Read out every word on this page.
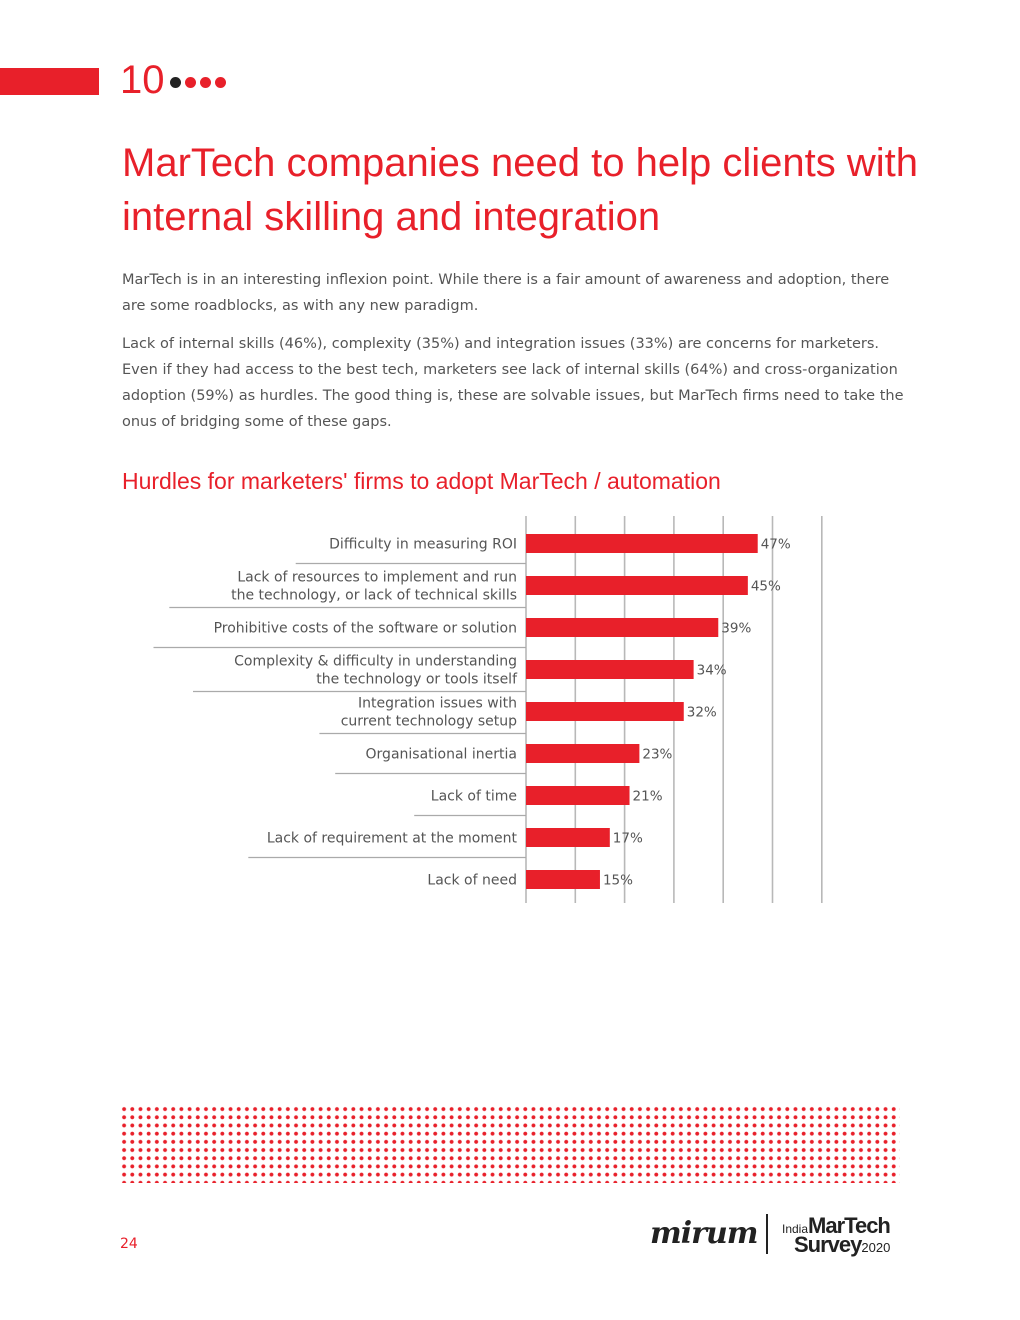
10
MarTech companies need to help clients with internal skilling and integration

MarTech is in an interesting inflexion point. While there is a fair amount of awareness and adoption, there are some roadblocks, as with any new paradigm.

Lack of internal skills (46%), complexity (35%) and integration issues (33%) are concerns for marketers. Even if they had access to the best tech, marketers see lack of internal skills (64%) and cross-organization adoption (59%) as hurdles. The good thing is, these are solvable issues, but MarTech firms need to take the onus of bridging some of these gaps.

Hurdles for marketers' firms to adopt MarTech / automation
47%
Difficulty in measuring ROI
45%
Lack of resources to implement and run
the technology, or lack of technical skills
39%
Prohibitive costs of the software or solution
34%
Complexity & difficulty in understanding
the technology or tools itself
32%
Integration issues with
current technology setup
23%
Organisational inertia
21%
Lack of time
17%
Lack of requirement at the moment
15%
Lack of need
24	mirum IndiaMarTech
Survey2020
